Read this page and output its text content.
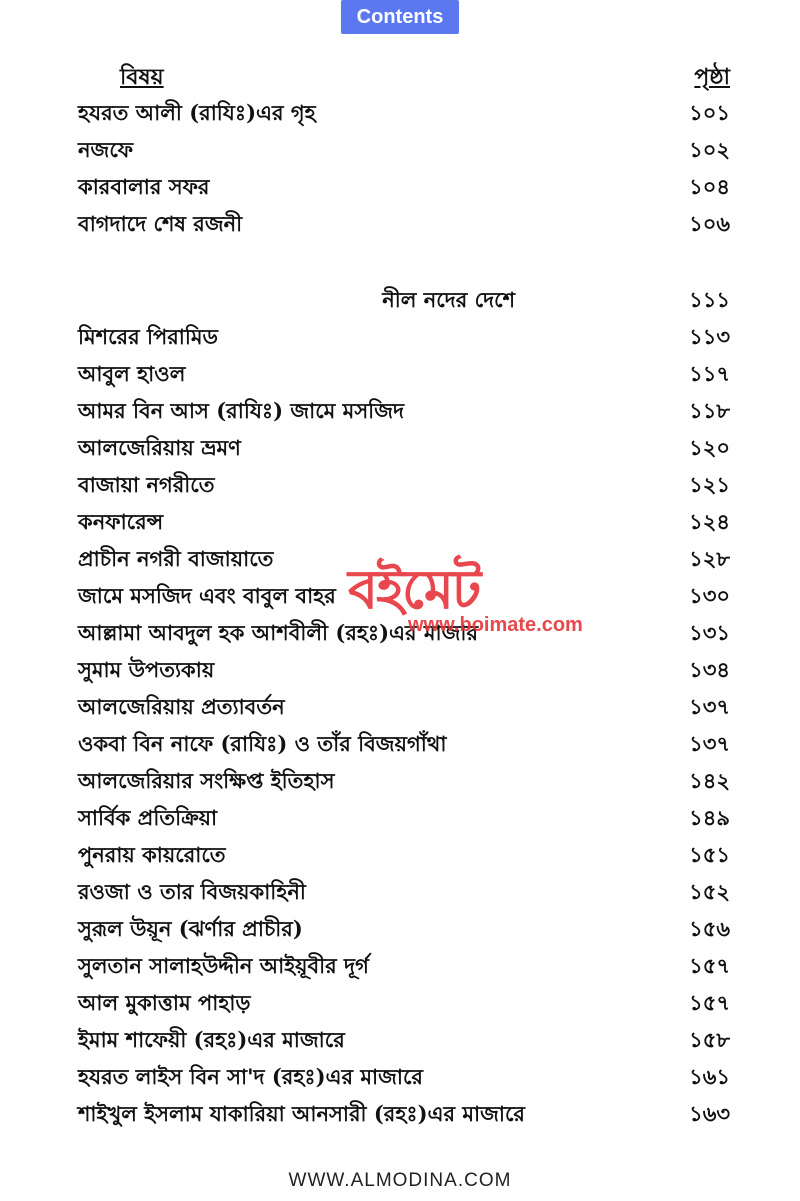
Contents
বিষয়	পৃষ্ঠা
হযরত আলী (রাযিঃ)এর গৃহ	১০১
নজফে	১০২
কারবালার সফর	১০৪
বাগদাদে শেষ রজনী	১০৬
নীল নদের দেশে	১১১
মিশরের পিরামিড	১১৩
আবুল হাওল	১১৭
আমর বিন আস (রাযিঃ) জামে মসজিদ	১১৮
আলজেরিয়ায় ভ্রমণ	১২০
বাজায়া নগরীতে	১২১
কনফারেন্স	১২৪
প্রাচীন নগরী বাজায়াতে	১২৮
জামে মসজিদ এবং বাবুল বাহর	১৩০
আল্লামা আবদুল হক আশবীলী (রহঃ)এর মাজার	১৩১
সুমাম উপত্যকায়	১৩৪
আলজেরিয়ায় প্রত্যাবর্তন	১৩৭
ওকবা বিন নাফে (রাযিঃ) ও তাঁর বিজয়গাঁথা	১৩৭
আলজেরিয়ার সংক্ষিপ্ত ইতিহাস	১৪২
সার্বিক প্রতিক্রিয়া	১৪৯
পুনরায় কায়রোতে	১৫১
রওজা ও তার বিজয়কাহিনী	১৫২
সুরূল উয়ূন (ঝর্ণার প্রাচীর)	১৫৬
সুলতান সালাহউদ্দীন আইয়ূবীর দূর্গ	১৫৭
আল মুকাত্তাম পাহাড়	১৫৭
ইমাম শাফেয়ী (রহঃ)এর মাজারে	১৫৮
হযরত লাইস বিন সা'দ (রহঃ)এর মাজারে	১৬১
শাইখুল ইসলাম যাকারিয়া আনসারী (রহঃ)এর মাজারে	১৬৩
বইমেট
www.boimate.com
WWW.ALMODINA.COM
